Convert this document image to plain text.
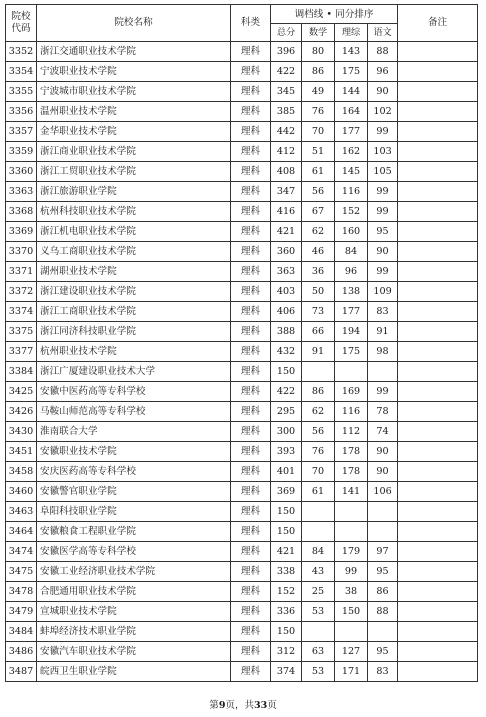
院校
代码	院校名称	科类	调档线 • 同分排序				备注
			总分	数学	理综	语文	
3352	浙江交通职业技术学院	理科	396	80	143	88	
3354	宁波职业技术学院	理科	422	86	175	96	
3355	宁波城市职业技术学院	理科	345	49	144	90	
3356	温州职业技术学院	理科	385	76	164	102	
3357	金华职业技术学院	理科	442	70	177	99	
3359	浙江商业职业技术学院	理科	412	51	162	103	
3360	浙江工贸职业技术学院	理科	408	61	145	105	
3363	浙江旅游职业学院	理科	347	56	116	99	
3368	杭州科技职业技术学院	理科	416	67	152	99	
3369	浙江机电职业技术学院	理科	421	62	160	95	
3370	义乌工商职业技术学院	理科	360	46	84	90	
3371	湖州职业技术学院	理科	363	36	96	99	
3372	浙江建设职业技术学院	理科	403	50	138	109	
3374	浙江工商职业技术学院	理科	406	73	177	83	
3375	浙江同济科技职业学院	理科	388	66	194	91	
3377	杭州职业技术学院	理科	432	91	175	98	
3384	浙江广厦建设职业技术大学	理科	150				
3425	安徽中医药高等专科学校	理科	422	86	169	99	
3426	马鞍山师范高等专科学校	理科	295	62	116	78	
3430	淮南联合大学	理科	300	56	112	74	
3451	安徽职业技术学院	理科	393	76	178	90	
3458	安庆医药高等专科学校	理科	401	70	178	90	
3460	安徽警官职业学院	理科	369	61	141	106	
3463	阜阳科技职业学院	理科	150				
3464	安徽粮食工程职业学院	理科	150				
3474	安徽医学高等专科学校	理科	421	84	179	97	
3475	安徽工业经济职业技术学院	理科	338	43	99	95	
3478	合肥通用职业技术学院	理科	152	25	38	86	
3479	宣城职业技术学院	理科	336	53	150	88	
3484	蚌埠经济技术职业学院	理科	150				
3486	安徽汽车职业技术学院	理科	312	63	127	95	
3487	皖西卫生职业学院	理科	374	53	171	83	
第9页，共33页
